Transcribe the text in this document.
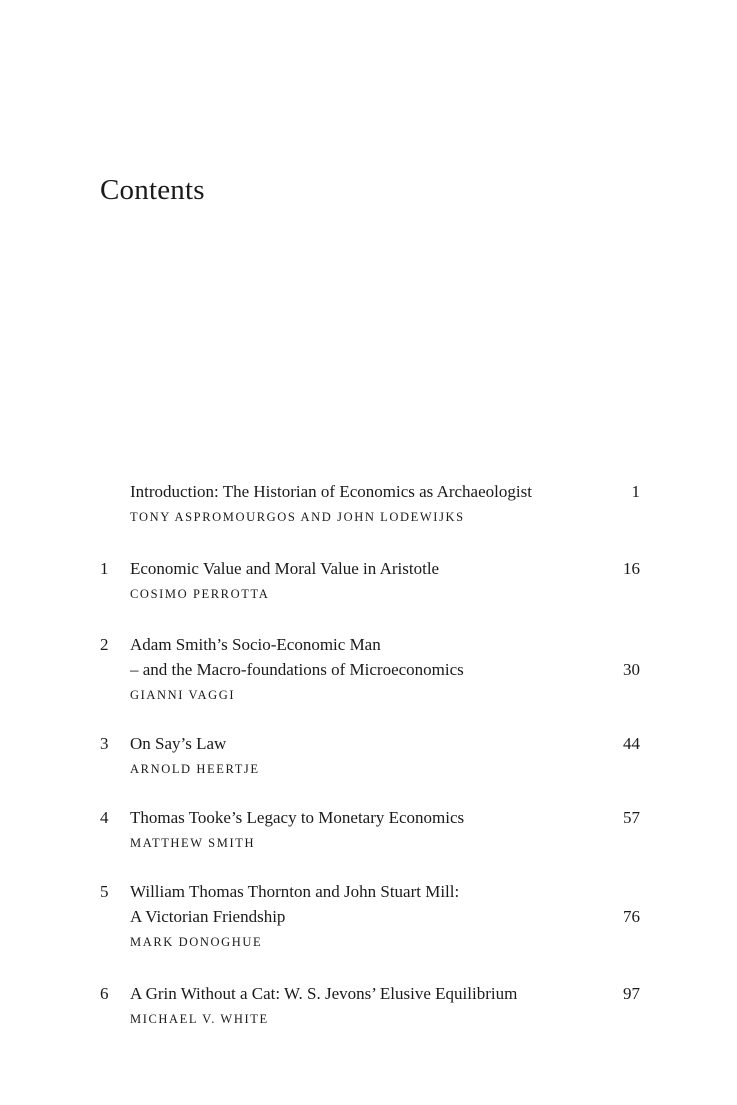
Contents
Introduction: The Historian of Economics as Archaeologist	1
TONY ASPROMOURGOS AND JOHN LODEWIJKS
1 Economic Value and Moral Value in Aristotle	16
COSIMO PERROTTA
2 Adam Smith’s Socio-Economic Man
– and the Macro-foundations of Microeconomics	30
GIANNI VAGGI
3 On Say’s Law	44
ARNOLD HEERTJE
4 Thomas Tooke’s Legacy to Monetary Economics	57
MATTHEW SMITH
5 William Thomas Thornton and John Stuart Mill:
A Victorian Friendship	76
MARK DONOGHUE
6 A Grin Without a Cat: W. S. Jevons’ Elusive Equilibrium	97
MICHAEL V. WHITE
